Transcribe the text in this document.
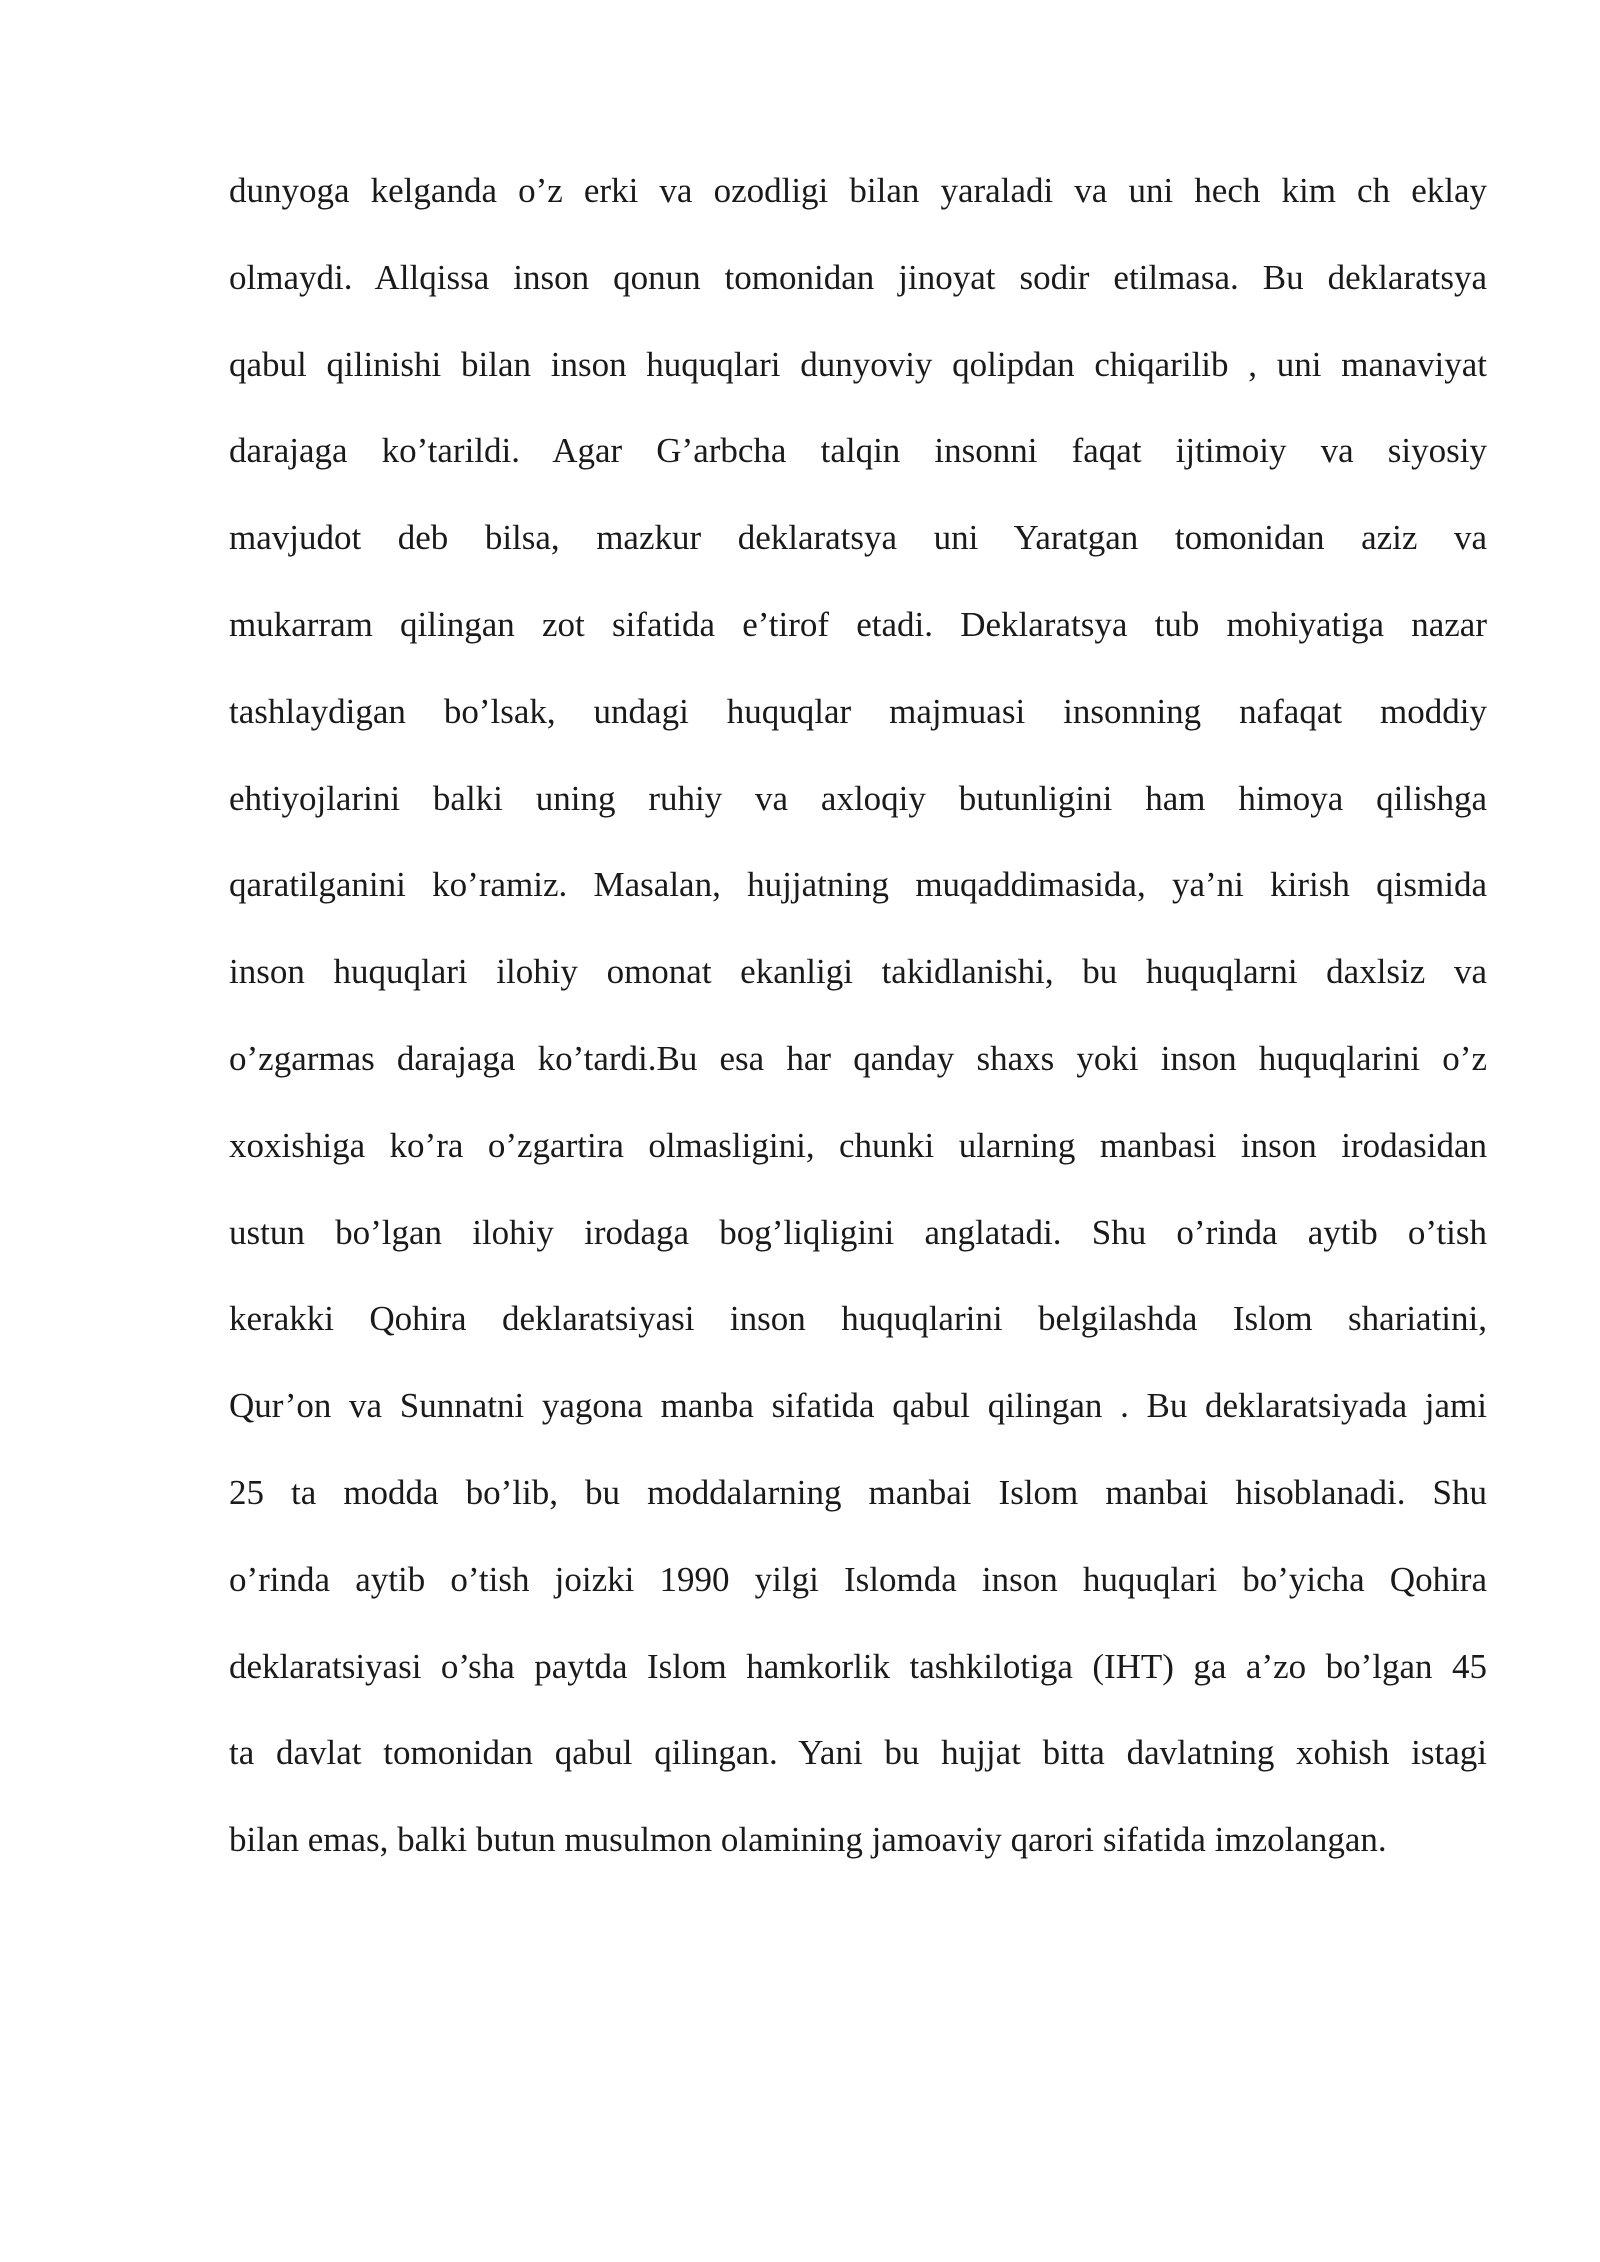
dunyoga kelganda o’z erki va ozodligi bilan yaraladi va uni hech kim ch eklay
olmaydi. Allqissa inson qonun tomonidan jinoyat sodir etilmasa. Bu deklaratsya
qabul qilinishi bilan inson huquqlari dunyoviy qolipdan chiqarilib , uni manaviyat
darajaga ko’tarildi. Agar G’arbcha talqin insonni faqat ijtimoiy va siyosiy
mavjudot deb bilsa, mazkur deklaratsya uni Yaratgan tomonidan aziz va
mukarram qilingan zot sifatida e’tirof etadi. Deklaratsya tub mohiyatiga nazar
tashlaydigan bo’lsak, undagi huquqlar majmuasi insonning nafaqat moddiy
ehtiyojlarini balki uning ruhiy va axloqiy butunligini ham himoya qilishga
qaratilganini ko’ramiz. Masalan, hujjatning muqaddimasida, ya’ni kirish qismida
inson huquqlari ilohiy omonat ekanligi takidlanishi, bu huquqlarni daxlsiz va
o’zgarmas darajaga ko’tardi.Bu esa har qanday shaxs yoki inson huquqlarini o’z
xoxishiga ko’ra o’zgartira olmasligini, chunki ularning manbasi inson irodasidan
ustun bo’lgan ilohiy irodaga bog’liqligini anglatadi. Shu o’rinda aytib o’tish
kerakki Qohira deklaratsiyasi inson huquqlarini belgilashda Islom shariatini,
Qur’on va Sunnatni yagona manba sifatida qabul qilingan . Bu deklaratsiyada jami
25 ta modda bo’lib, bu moddalarning manbai Islom manbai hisoblanadi. Shu
o’rinda aytib o’tish joizki 1990 yilgi Islomda inson huquqlari bo’yicha Qohira
deklaratsiyasi o’sha paytda Islom hamkorlik tashkilotiga (IHT) ga a’zo bo’lgan 45
ta davlat tomonidan qabul qilingan. Yani bu hujjat bitta davlatning xohish istagi
bilan emas, balki butun musulmon olamining jamoaviy qarori sifatida imzolangan.
